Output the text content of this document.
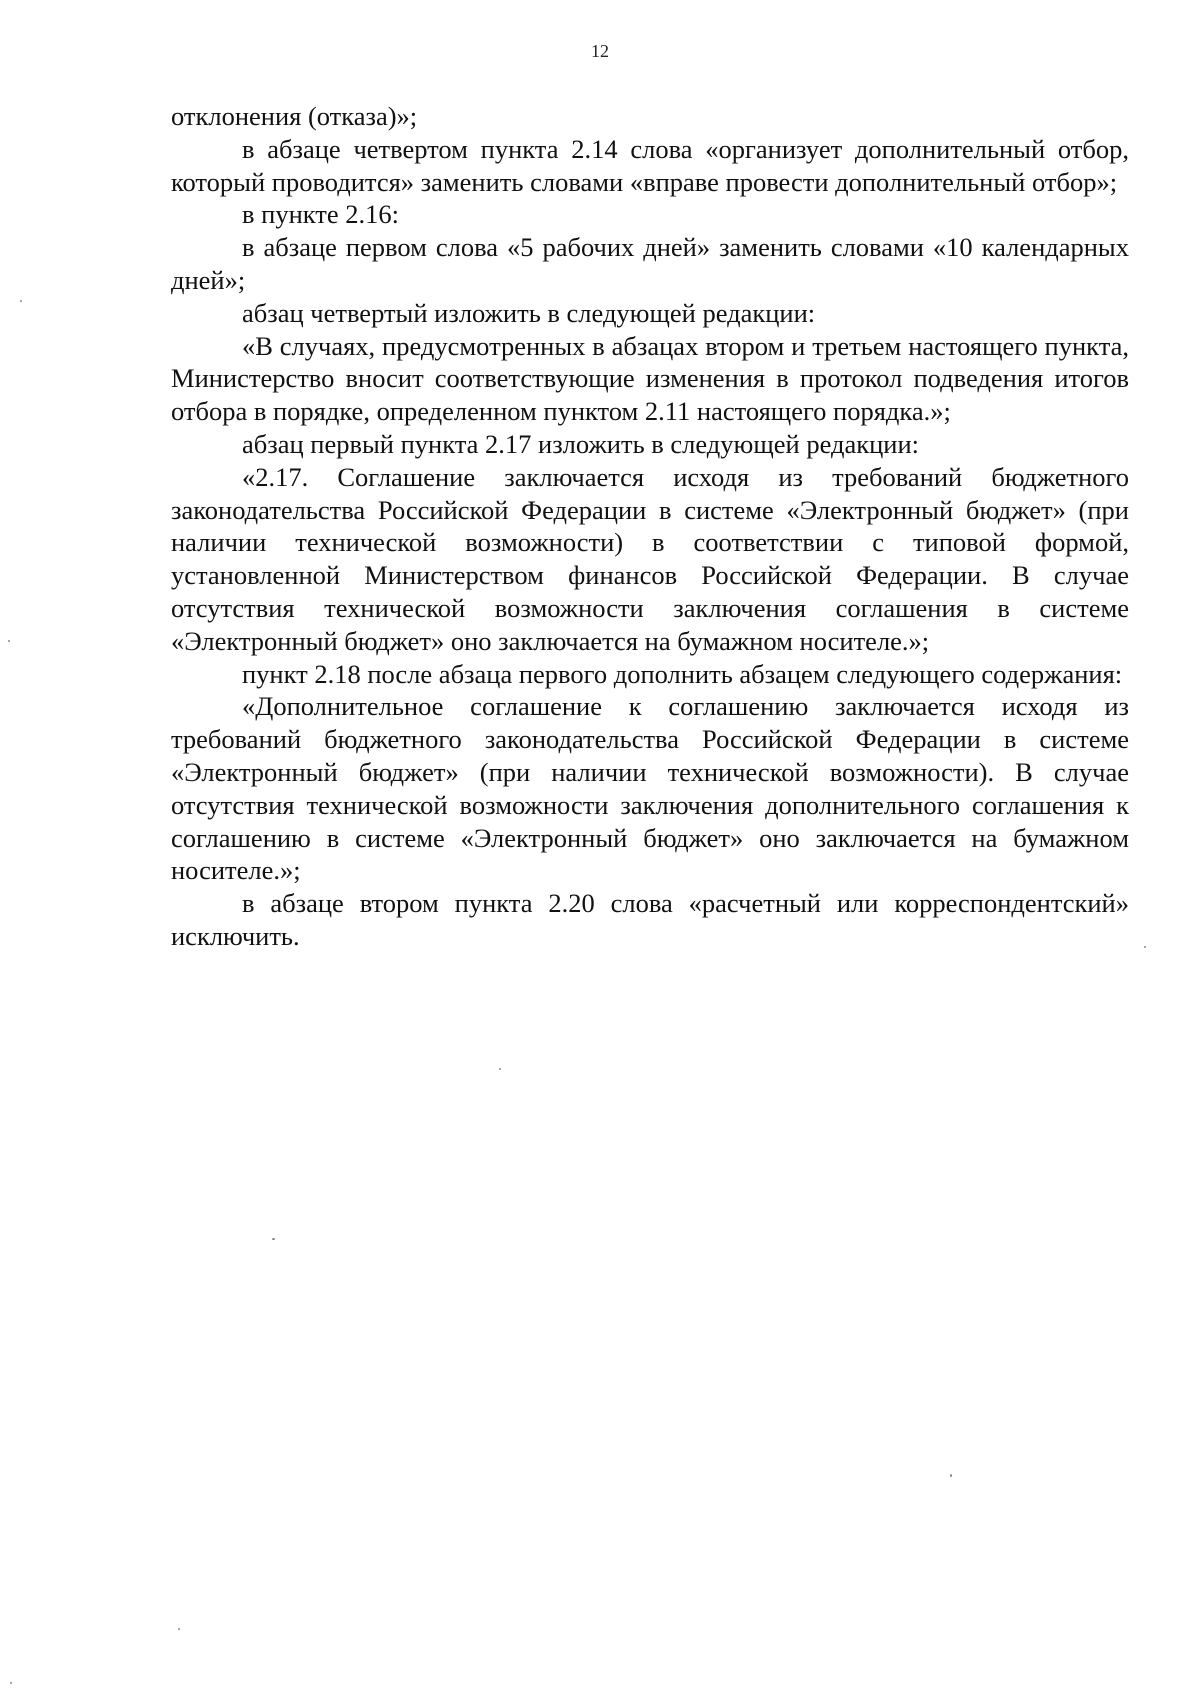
12

отклонения (отказа)»;

в абзаце четвертом пункта 2.14 слова «организует дополнительный отбор, который проводится» заменить словами «вправе провести дополнительный отбор»;

в пункте 2.16:

в абзаце первом слова «5 рабочих дней» заменить словами «10 календарных дней»;

абзац четвертый изложить в следующей редакции:

«В случаях, предусмотренных в абзацах втором и третьем настоящего пункта, Министерство вносит соответствующие изменения в протокол подведения итогов отбора в порядке, определенном пунктом 2.11 настоящего порядка.»;

абзац первый пункта 2.17 изложить в следующей редакции:

«2.17. Соглашение заключается исходя из требований бюджетного законодательства Российской Федерации в системе «Электронный бюджет» (при наличии технической возможности) в соответствии с типовой формой, установленной Министерством финансов Российской Федерации. В случае отсутствия технической возможности заключения соглашения в системе «Электронный бюджет» оно заключается на бумажном носителе.»;

пункт 2.18 после абзаца первого дополнить абзацем следующего содержания:

«Дополнительное соглашение к соглашению заключается исходя из требований бюджетного законодательства Российской Федерации в системе «Электронный бюджет» (при наличии технической возможности). В случае отсутствия технической возможности заключения дополнительного соглашения к соглашению в системе «Электронный бюджет» оно заключается на бумажном носителе.»;

в абзаце втором пункта 2.20 слова «расчетный или корреспондентский» исключить.
